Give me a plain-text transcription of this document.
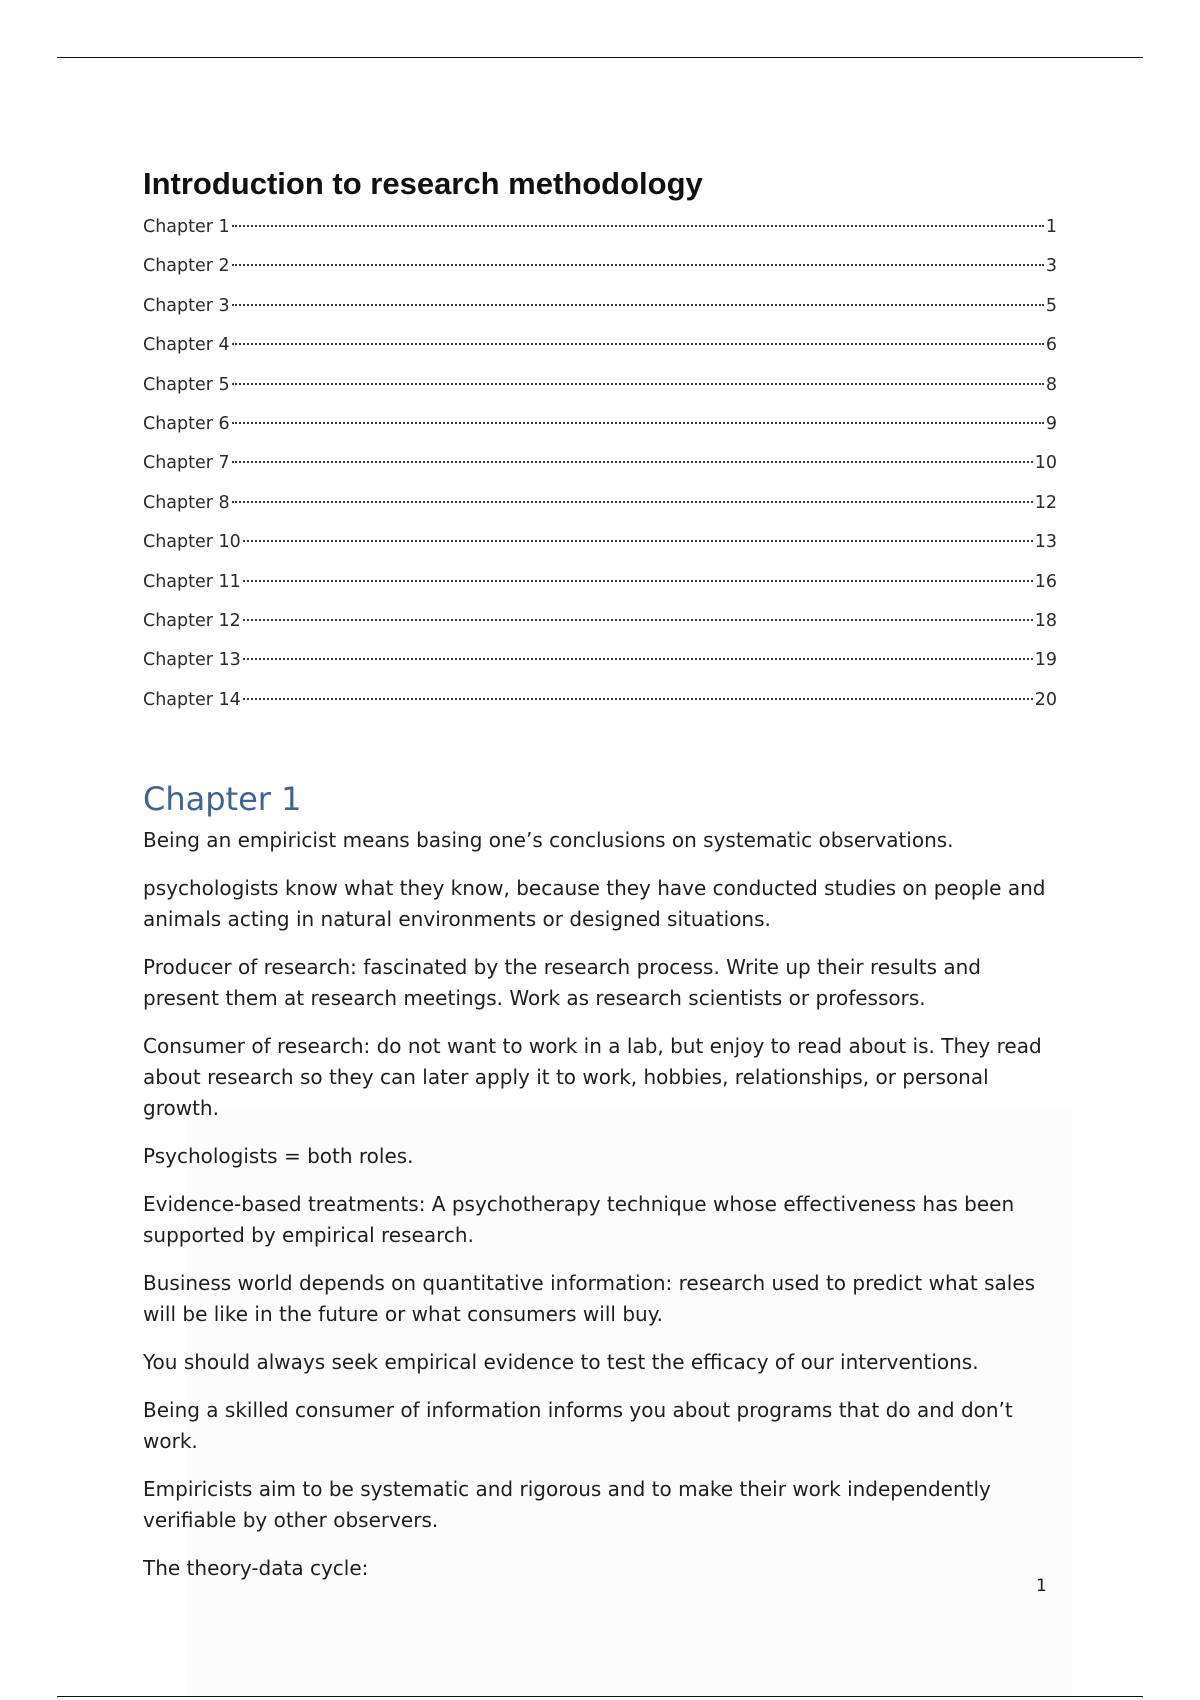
Introduction to research methodology
Chapter 1	1
Chapter 2	3
Chapter 3	5
Chapter 4	6
Chapter 5	8
Chapter 6	9
Chapter 7	10
Chapter 8	12
Chapter 10	13
Chapter 11	16
Chapter 12	18
Chapter 13	19
Chapter 14	20
Chapter 1

Being an empiricist means basing one’s conclusions on systematic observations.

psychologists know what they know, because they have conducted studies on people and animals acting in natural environments or designed situations.

Producer of research: fascinated by the research process. Write up their results and present them at research meetings. Work as research scientists or professors.

Consumer of research: do not want to work in a lab, but enjoy to read about is. They read about research so they can later apply it to work, hobbies, relationships, or personal growth.

Psychologists = both roles.

Evidence-based treatments: A psychotherapy technique whose effectiveness has been supported by empirical research.

Business world depends on quantitative information: research used to predict what sales will be like in the future or what consumers will buy.

You should always seek empirical evidence to test the efficacy of our interventions.

Being a skilled consumer of information informs you about programs that do and don’t work.

Empiricists aim to be systematic and rigorous and to make their work independently verifiable by other observers.

The theory-data cycle:

1
